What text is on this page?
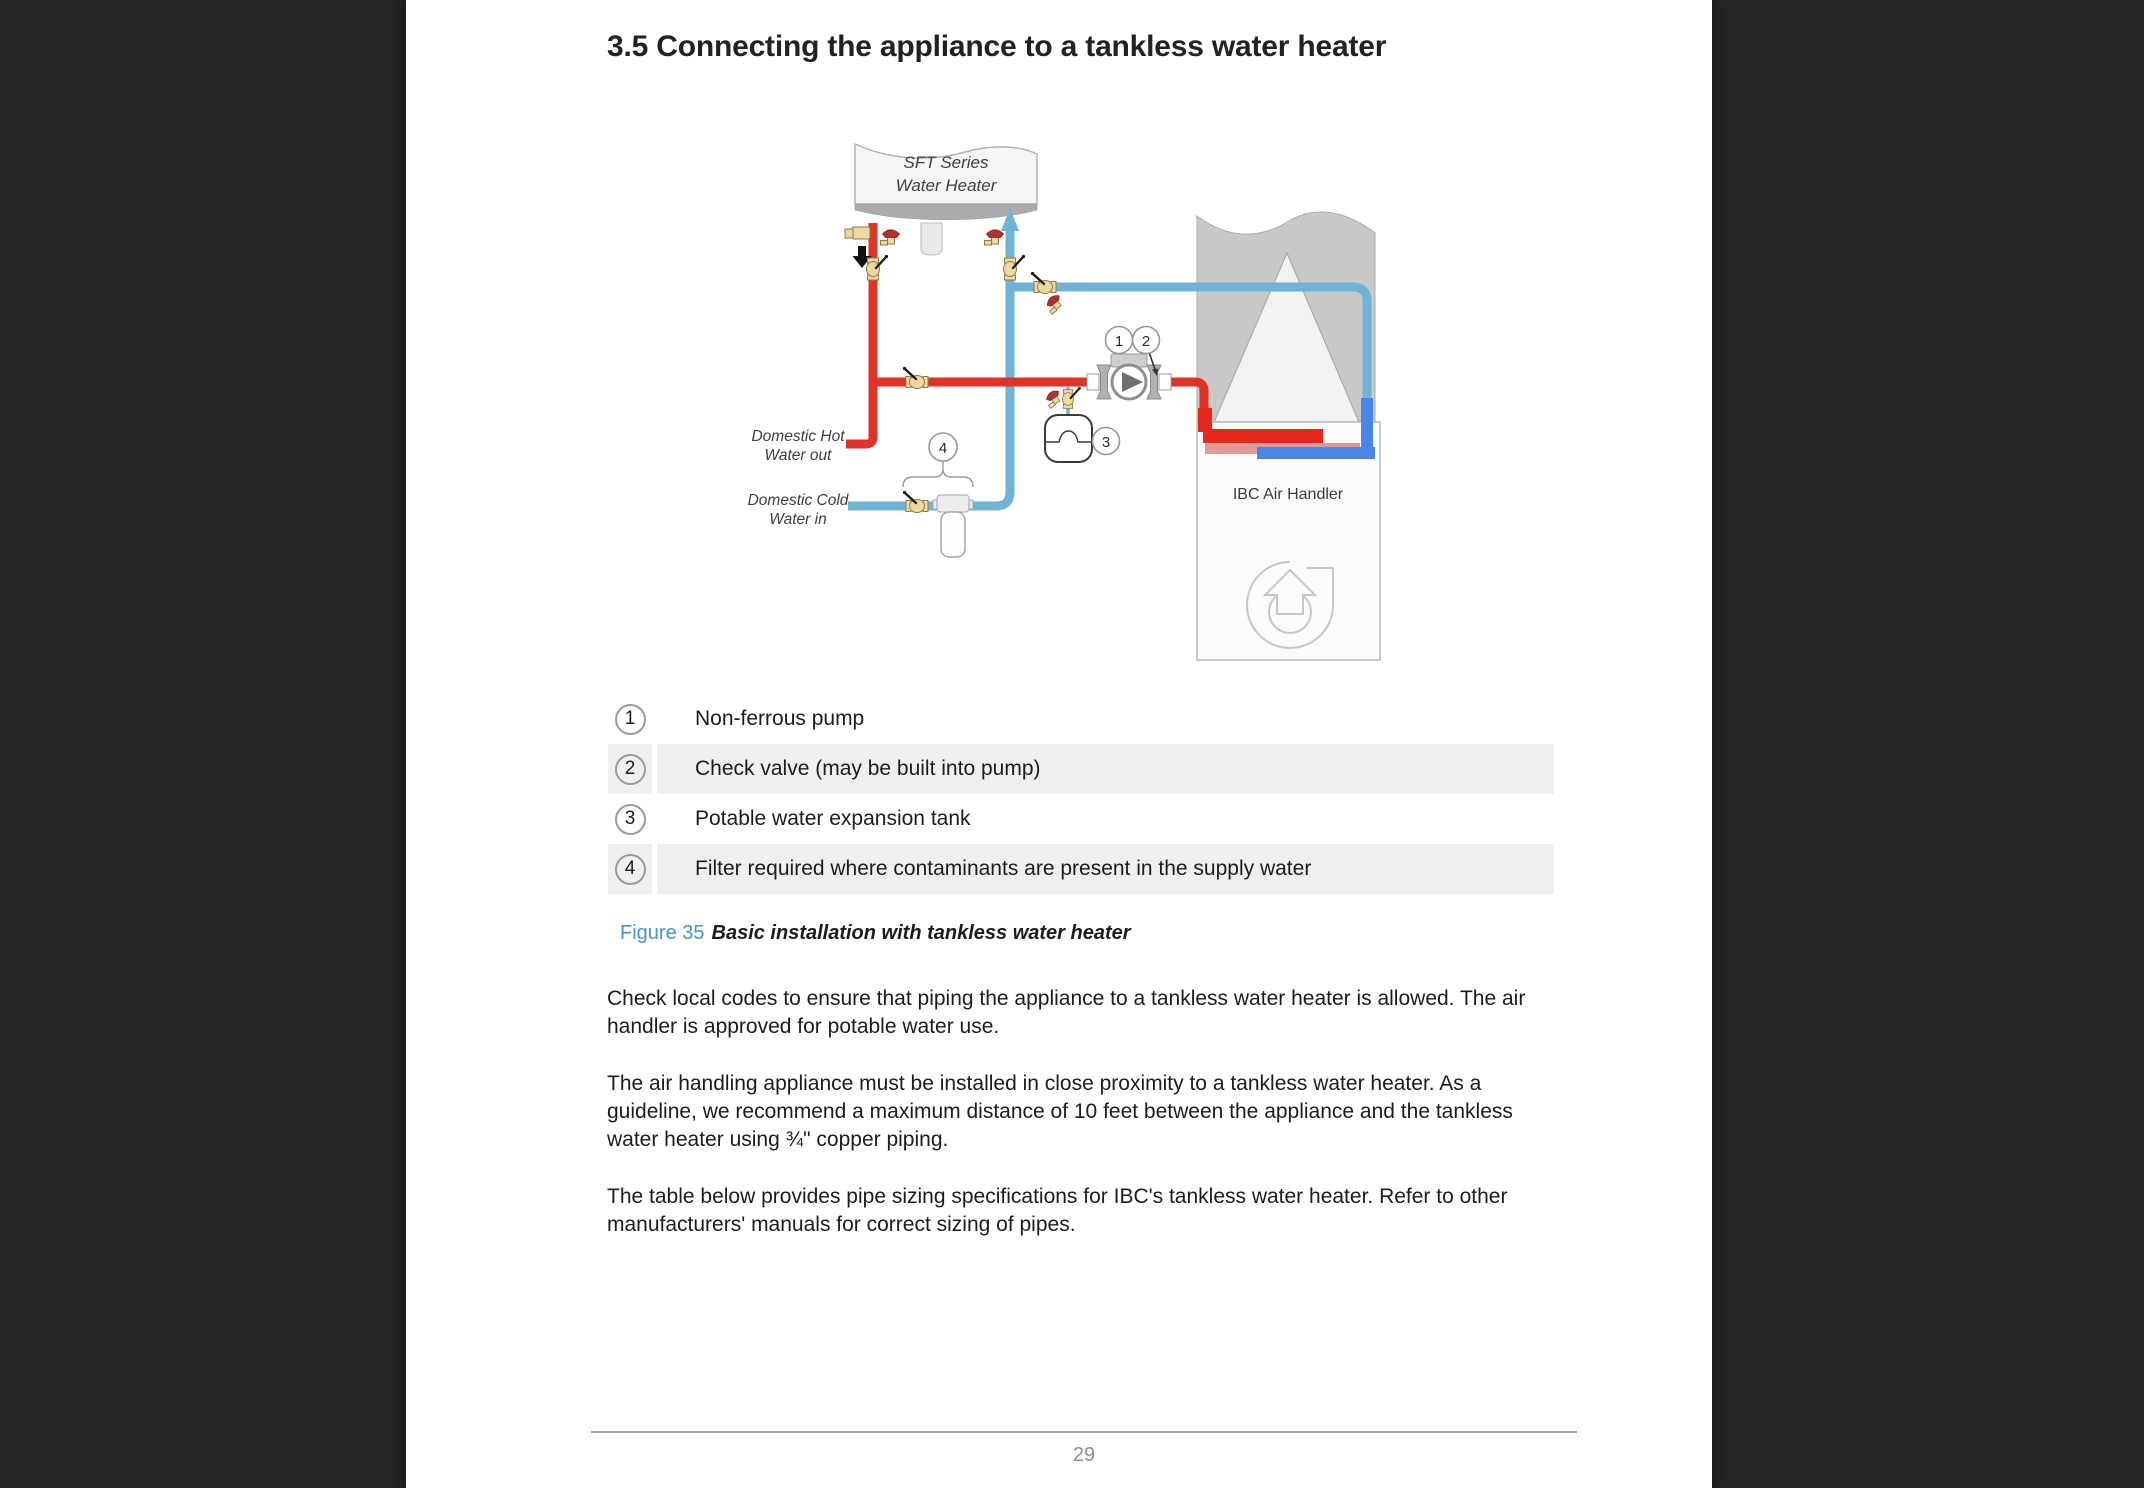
3.5 Connecting the appliance to a tankless water heater
SFT Series
Water Heater
1 2
3
4
Domestic Hot
Water out
Domestic Cold
Water in
IBC Air Handler
1	Non-ferrous pump
2	Check valve (may be built into pump)
3	Potable water expansion tank
4	Filter required where contaminants are present in the supply water
Figure 35 Basic installation with tankless water heater

Check local codes to ensure that piping the appliance to a tankless water heater is allowed. The air handler is approved for potable water use.

The air handling appliance must be installed in close proximity to a tankless water heater. As a guideline, we recommend a maximum distance of 10 feet between the appliance and the tankless water heater using ¾" copper piping.

The table below provides pipe sizing specifications for IBC's tankless water heater. Refer to other manufacturers' manuals for correct sizing of pipes.

29
